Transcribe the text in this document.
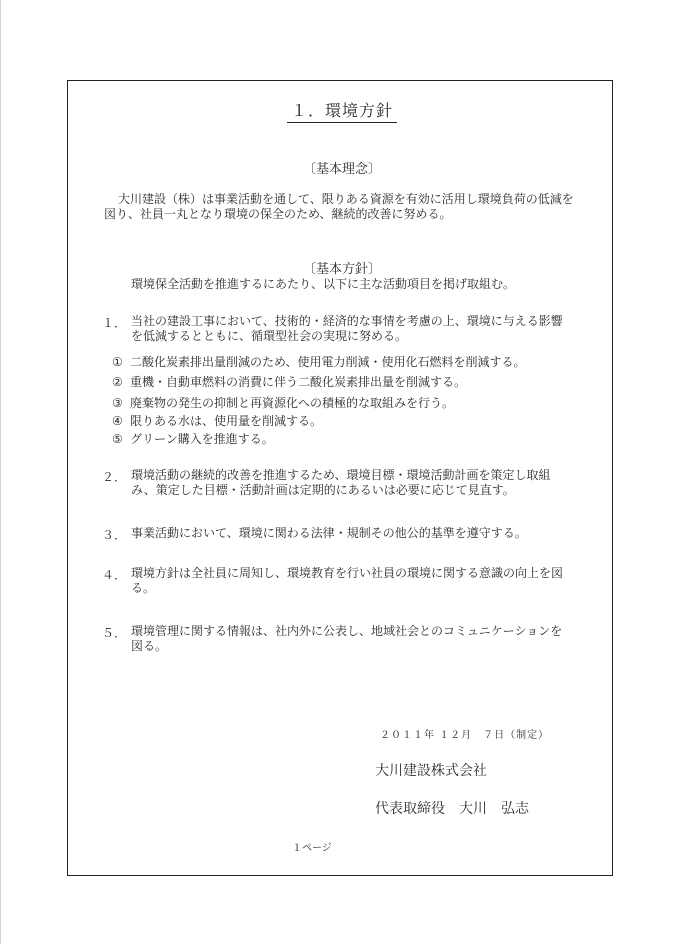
１．環境方針
〔基本理念〕
大川建設（株）は事業活動を通して、限りある資源を有効に活用し環境負荷の低減を
図り、社員一丸となり環境の保全のため、継続的改善に努める。
〔基本方針〕
環境保全活動を推進するにあたり、以下に主な活動項目を掲げ取組む。
１． 当社の建設工事において、技術的・経済的な事情を考慮の上、環境に与える影響
を低減するとともに、循環型社会の実現に努める。
① 二酸化炭素排出量削減のため、使用電力削減・使用化石燃料を削減する。
② 重機・自動車燃料の消費に伴う二酸化炭素排出量を削減する。
③ 廃棄物の発生の抑制と再資源化への積極的な取組みを行う。
④ 限りある水は、使用量を削減する。
⑤ グリーン購入を推進する。
２． 環境活動の継続的改善を推進するため、環境目標・環境活動計画を策定し取組
み、策定した目標・活動計画は定期的にあるいは必要に応じて見直す。
３． 事業活動において、環境に関わる法律・規制その他公的基準を遵守する。
４． 環境方針は全社員に周知し、環境教育を行い社員の環境に関する意識の向上を図
る。
５． 環境管理に関する情報は、社内外に公表し、地域社会とのコミュニケーションを
図る。
２０１１年 １２月　７日（制定）
大川建設株式会社
代表取締役　大川　弘志
１ページ
